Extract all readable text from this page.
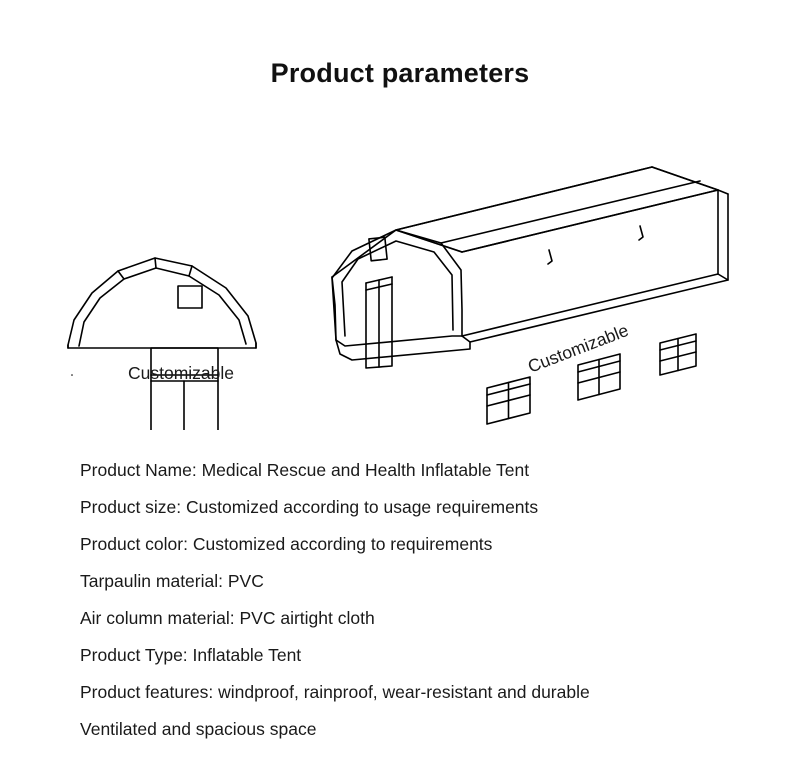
Product parameters
Customizable	Customizable
Product Name: Medical Rescue and Health Inflatable Tent
Product size: Customized according to usage requirements
Product color: Customized according to requirements
Tarpaulin material: PVC
Air column material: PVC airtight cloth
Product Type: Inflatable Tent
Product features: windproof, rainproof, wear-resistant and durable
Ventilated and spacious space
